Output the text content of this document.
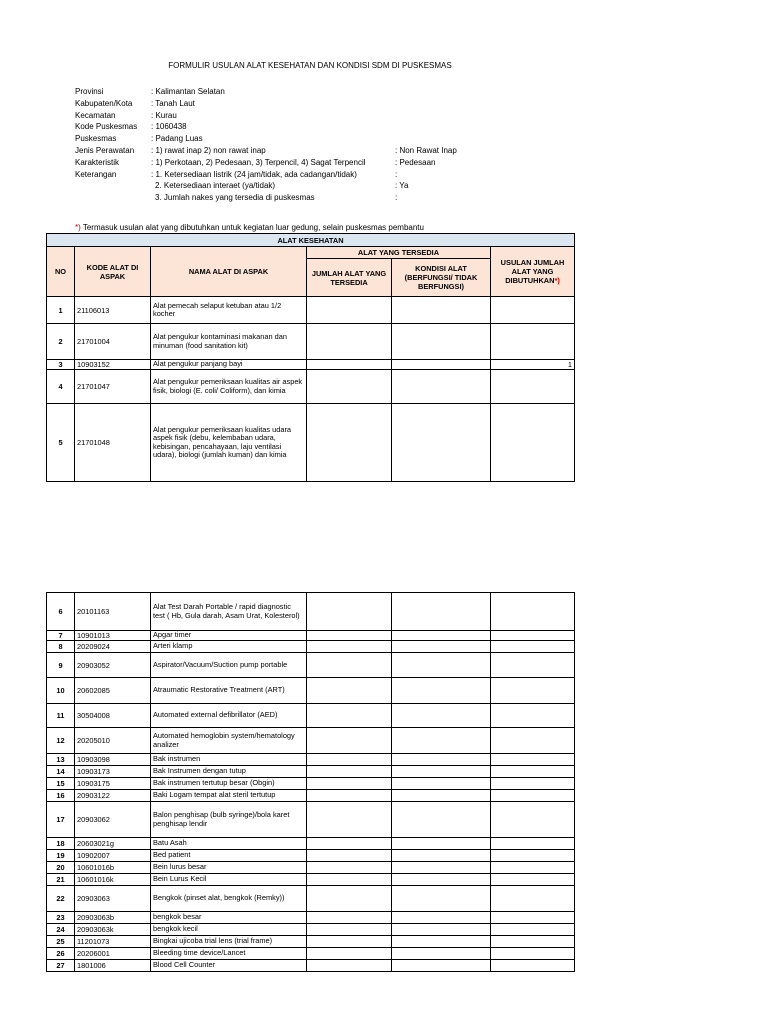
FORMULIR USULAN ALAT KESEHATAN DAN KONDISI SDM DI PUSKESMAS
Provinsi	: Kalimantan Selatan
Kabupaten/Kota : Tanah Laut
Kecamatan	: Kurau
Kode Puskesmas : 1060438
Puskesmas	: Padang Luas
Jenis Perawatan : 1) rawat inap 2) non rawat inap	: Non Rawat Inap
Karakteristik	: 1) Perkotaan, 2) Pedesaan, 3) Terpencil, 4) Sagat Terpencil	: Pedesaan
Keterangan	: 1. Ketersediaan listrik (24 jam/tidak, ada cadangan/tidak)	:
2. Ketersediaan interaet (ya/tidak)	: Ya
3. Jumlah nakes yang tersedia di puskesmas	:
*) Termasuk usulan alat yang dibutuhkan untuk kegiatan luar gedung, selain puskesmas pembantu
ALAT KESEHATAN					
NO	KODE ALAT DI ASPAK	NAMA ALAT DI ASPAK	ALAT YANG TERSEDIA		USULAN JUMLAH ALAT YANG DIBUTUHKAN*)
			JUMLAH ALAT YANG TERSEDIA	KONDISI ALAT (BERFUNGSI/ TIDAK BERFUNGSI)	
1	21106013	Alat pemecah selaput ketuban atau 1/2 kocher			
2	21701004	Alat pengukur kontaminasi makanan dan minuman (food sanitation kit)			
3	10903152	Alat pengukur panjang bayi			1
4	21701047	Alat pengukur pemeriksaan kualitas air aspek fisik, biologi (E. coli/ Coliform), dan kimia			
5	21701048	Alat pengukur pemeriksaan kualitas udara aspek fisik (debu, kelembaban udara, kebisingan, pencahayaan, laju ventilasi udara), biologi (jumlah kuman) dan kimia			
6	20101163	Alat Test Darah Portable / rapid diagnostic test ( Hb, Gula darah, Asam Urat, Kolesterol)			
7	10901013	Apgar timer			
8	20209024	Arteri klamp			
9	20903052	Aspirator/Vacuum/Suction pump portable			
10	20602085	Atraumatic Restorative Treatment (ART)			
11	30504008	Automated external defibrillator (AED)			
12	20205010	Automated hemoglobin system/hematology analizer			
13	10903098	Bak instrumen			
14	10903173	Bak Instrumen dengan tutup			
15	10903175	Bak instrumen tertutup besar (Obgin)			
16	20903122	Baki Logam tempat alat steril tertutup			
17	20903062	Balon penghisap (bulb syringe)/bola karet penghisap lendir			
18	20603021g	Batu Asah			
19	10902007	Bed patient			
20	10601016b	Bein lurus besar			
21	10601016k	Bein Lurus Kecil			
22	20903063	Bengkok (pinset alat, bengkok (Remky))			
23	20903063b	bengkok besar			
24	20903063k	bengkok kecil			
25	11201073	Bingkai ujicoba trial lens (trial frame)			
26	20206001	Bleeding time device/Lancet			
27	1801006	Blood Cell Counter			
